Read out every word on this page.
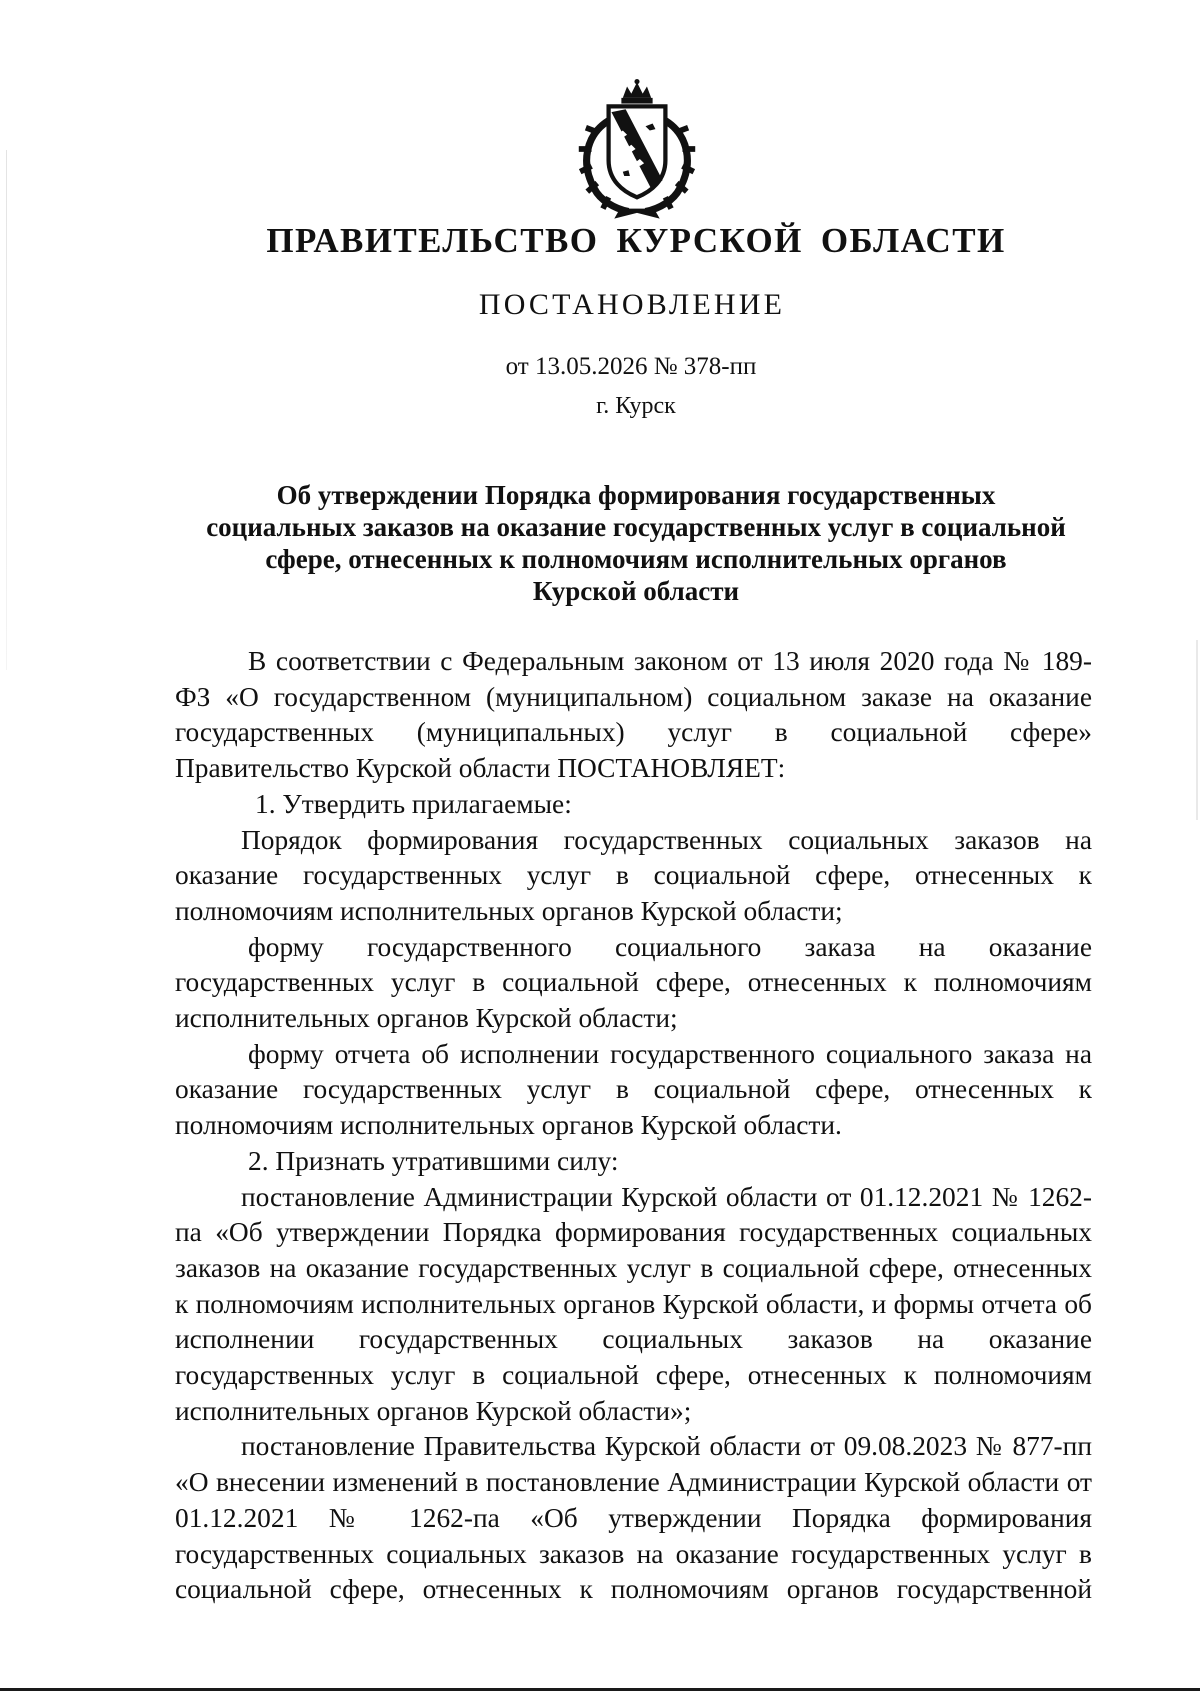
ПРАВИТЕЛЬСТВО КУРСКОЙ ОБЛАСТИ
ПОСТАНОВЛЕНИЕ
от 13.05.2026 № 378-пп
г. Курск
Об утверждении Порядка формирования государственных
социальных заказов на оказание государственных услуг в социальной
сфере, отнесенных к полномочиям исполнительных органов
Курской области

В соответствии с Федеральным законом от 13 июля 2020 года № 189-ФЗ «О государственном (муниципальном) социальном заказе на оказание государственных (муниципальных) услуг в социальной сфере» Правительство Курской области ПОСТАНОВЛЯЕТ:

1. Утвердить прилагаемые:

Порядок формирования государственных социальных заказов на оказание государственных услуг в социальной сфере, отнесенных к полномочиям исполнительных органов Курской области;

форму государственного социального заказа на оказание государственных услуг в социальной сфере, отнесенных к полномочиям исполнительных органов Курской области;

форму отчета об исполнении государственного социального заказа на оказание государственных услуг в социальной сфере, отнесенных к полномочиям исполнительных органов Курской области.

2. Признать утратившими силу:

постановление Администрации Курской области от 01.12.2021 № 1262-па «Об утверждении Порядка формирования государственных социальных заказов на оказание государственных услуг в социальной сфере, отнесенных к полномочиям исполнительных органов Курской области, и формы отчета об исполнении государственных социальных заказов на оказание государственных услуг в социальной сфере, отнесенных к полномочиям исполнительных органов Курской области»;

постановление Правительства Курской области от 09.08.2023 № 877-пп «О внесении изменений в постановление Администрации Курской области от 01.12.2021 № 1262-па «Об утверждении Порядка формирования государственных социальных заказов на оказание государственных услуг в социальной сфере, отнесенных к полномочиям органов государственной
